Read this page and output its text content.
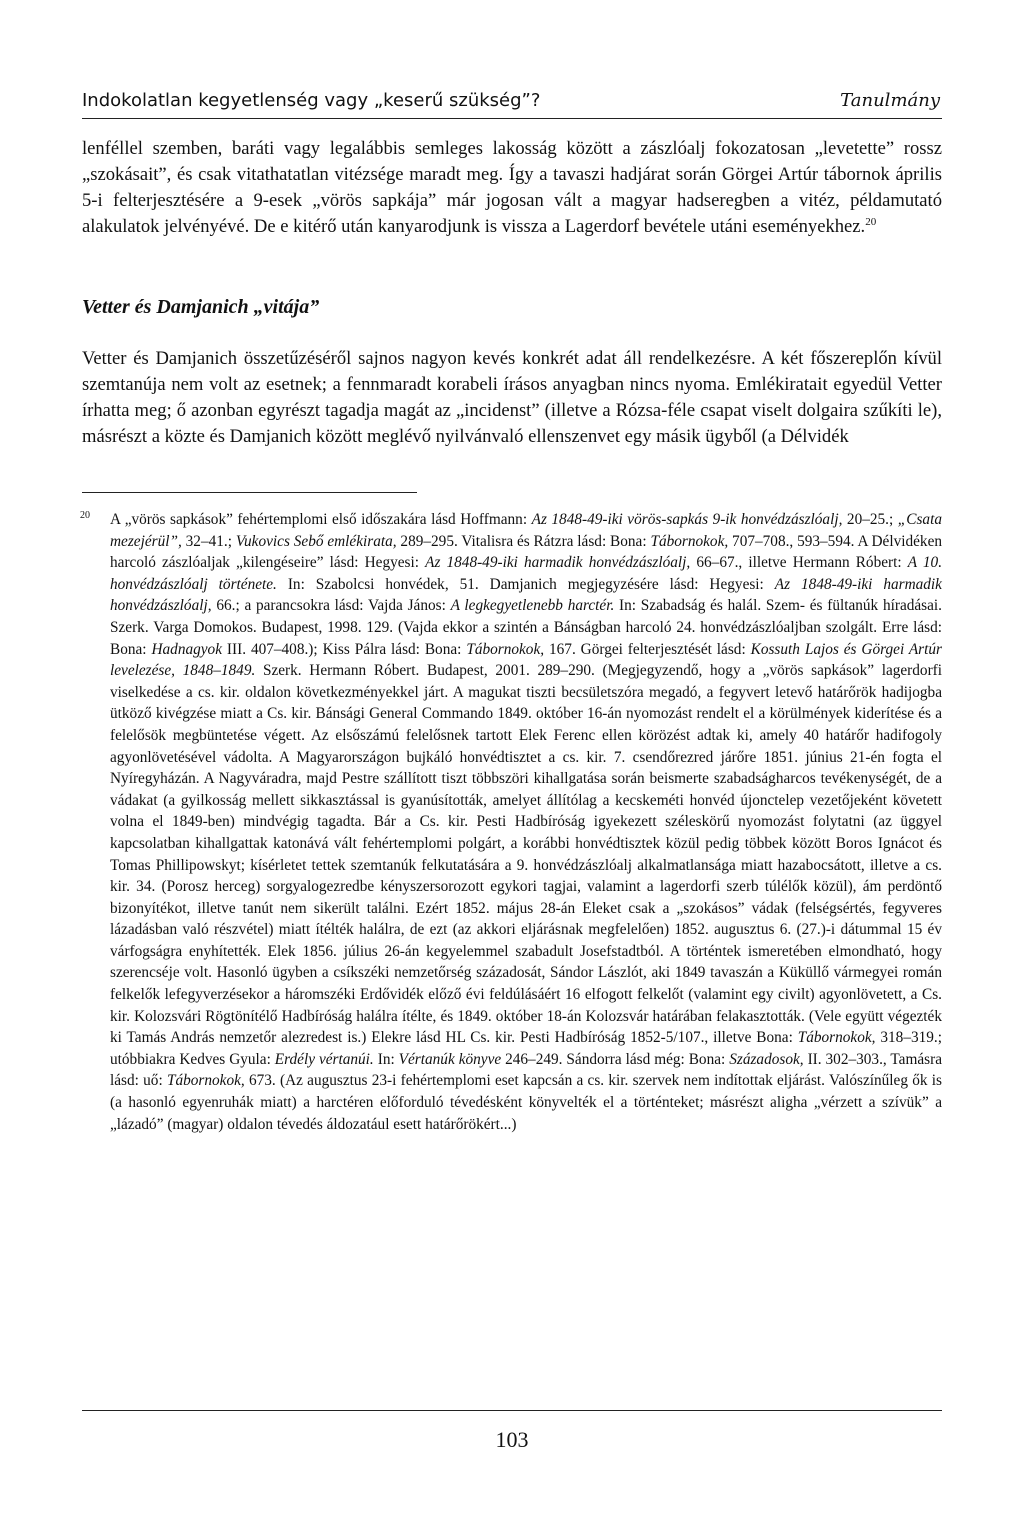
Indokolatlan kegyetlenség vagy „keserű szükség”?	Tanulmány

lenféllel szemben, baráti vagy legalábbis semleges lakosság között a zászlóalj fokozatosan „levetette” rossz „szokásait”, és csak vitathatatlan vitézsége maradt meg. Így a tavaszi hadjárat során Görgei Artúr tábornok április 5-i felterjesztésére a 9-esek „vörös sapkája” már jogosan vált a magyar hadseregben a vitéz, példamutató alakulatok jelvényévé. De e kitérő után kanyarodjunk is vissza a Lagerdorf bevétele utáni eseményekhez.$^{20}$

Vetter és Damjanich „vitája”

Vetter és Damjanich összetűzéséről sajnos nagyon kevés konkrét adat áll rendelkezésre. A két főszereplőn kívül szemtanúja nem volt az esetnek; a fennmaradt korabeli írásos anyagban nincs nyoma. Emlékiratait egyedül Vetter írhatta meg; ő azonban egyrészt tagadja magát az „incidenst” (illetve a Rózsa-féle csapat viselt dolgaira szűkíti le), másrészt a közte és Damjanich között meglévő nyilvánvaló ellenszenvet egy másik ügyből (a Délvidék

20 A „vörös sapkások” fehértemplomi első időszakára lásd Hoffmann: Az 1848-49-iki vörös-sapkás 9-ik honvédzászlóalj, 20–25.; „Csata mezejérül”, 32–41.; Vukovics Sebő emlékirata, 289–295. Vitalisra és Rátzra lásd: Bona: Tábornokok, 707–708., 593–594. A Délvidéken harcoló zászlóaljak „kilengéseire” lásd: Hegyesi: Az 1848-49-iki harmadik honvédzászlóalj, 66–67., illetve Hermann Róbert: A 10. honvédzászlóalj története. In: Szabolcsi honvédek, 51. Damjanich megjegyzésére lásd: Hegyesi: Az 1848-49-iki harmadik honvédzászlóalj, 66.; a parancsokra lásd: Vajda János: A legkegyetlenebb harctér. In: Szabadság és halál. Szem- és fültanúk híradásai. Szerk. Varga Domokos. Budapest, 1998. 129. (Vajda ekkor a szintén a Bánságban harcoló 24. honvédzászlóaljban szolgált. Erre lásd: Bona: Hadnagyok III. 407–408.); Kiss Pálra lásd: Bona: Tábornokok, 167. Görgei felterjesztését lásd: Kossuth Lajos és Görgei Artúr levelezése, 1848–1849. Szerk. Hermann Róbert. Budapest, 2001. 289–290. (Megjegyzendő, hogy a „vörös sapkások” lagerdorfi viselkedése a cs. kir. oldalon következményekkel járt. A magukat tiszti becsületszóra megadó, a fegyvert letevő határőrök hadijogba ütköző kivégzése miatt a Cs. kir. Bánsági General Commando 1849. október 16-án nyomozást rendelt el a körülmények kiderítése és a felelősök megbüntetése végett. Az elsőszámú felelősnek tartott Elek Ferenc ellen körözést adtak ki, amely 40 határőr hadifogoly agyonlövetésével vádolta. A Magyarországon bujkáló honvédtisztet a cs. kir. 7. csendőrezred járőre 1851. június 21-én fogta el Nyíregyházán. A Nagyváradra, majd Pestre szállított tiszt többszöri kihallgatása során beismerte szabadságharcos tevékenységét, de a vádakat (a gyilkosság mellett sikkasztással is gyanúsították, amelyet állítólag a kecskeméti honvéd újonctelep vezetőjeként követett volna el 1849-ben) mindvégig tagadta. Bár a Cs. kir. Pesti Hadbíróság igyekezett széleskörű nyomozást folytatni (az üggyel kapcsolatban kihallgattak katonává vált fehértemplomi polgárt, a korábbi honvédtisztek közül pedig többek között Boros Ignácot és Tomas Phillipowskyt; kísérletet tettek szemtanúk felkutatására a 9. honvédzászlóalj alkalmatlansága miatt hazabocsátott, illetve a cs. kir. 34. (Porosz herceg) sorgyalogezredbe kényszersorozott egykori tagjai, valamint a lagerdorfi szerb túlélők közül), ám perdöntő bizonyítékot, illetve tanút nem sikerült találni. Ezért 1852. május 28-án Eleket csak a „szokásos” vádak (felségsértés, fegyveres lázadásban való részvétel) miatt ítélték halálra, de ezt (az akkori eljárásnak megfelelően) 1852. augusztus 6. (27.)-i dátummal 15 év várfogságra enyhítették. Elek 1856. július 26-án kegyelemmel szabadult Josefstadtból. A történtek ismeretében elmondható, hogy szerencséje volt. Hasonló ügyben a csíkszéki nemzetőrség századosát, Sándor Lászlót, aki 1849 tavaszán a Küküllő vármegyei román felkelők lefegyverzésekor a háromszéki Erdővidék előző évi feldúlásáért 16 elfogott felkelőt (valamint egy civilt) agyonlövetett, a Cs. kir. Kolozsvári Rögtönítélő Hadbíróság halálra ítélte, és 1849. október 18-án Kolozsvár határában felakasztották. (Vele együtt végezték ki Tamás András nemzetőr alezredest is.) Elekre lásd HL Cs. kir. Pesti Hadbíróság 1852-5/107., illetve Bona: Tábornokok, 318–319.; utóbbiakra Kedves Gyula: Erdély vértanúi. In: Vértanúk könyve 246–249. Sándorra lásd még: Bona: Századosok, II. 302–303., Tamásra lásd: uő: Tábornokok, 673. (Az augusztus 23-i fehértemplomi eset kapcsán a cs. kir. szervek nem indítottak eljárást. Valószínűleg ők is (a hasonló egyenruhák miatt) a harctéren előforduló tévedésként könyvelték el a történteket; másrészt aligha „vérzett a szívük” a „lázadó” (magyar) oldalon tévedés áldozatául esett határőrökért...)

103
